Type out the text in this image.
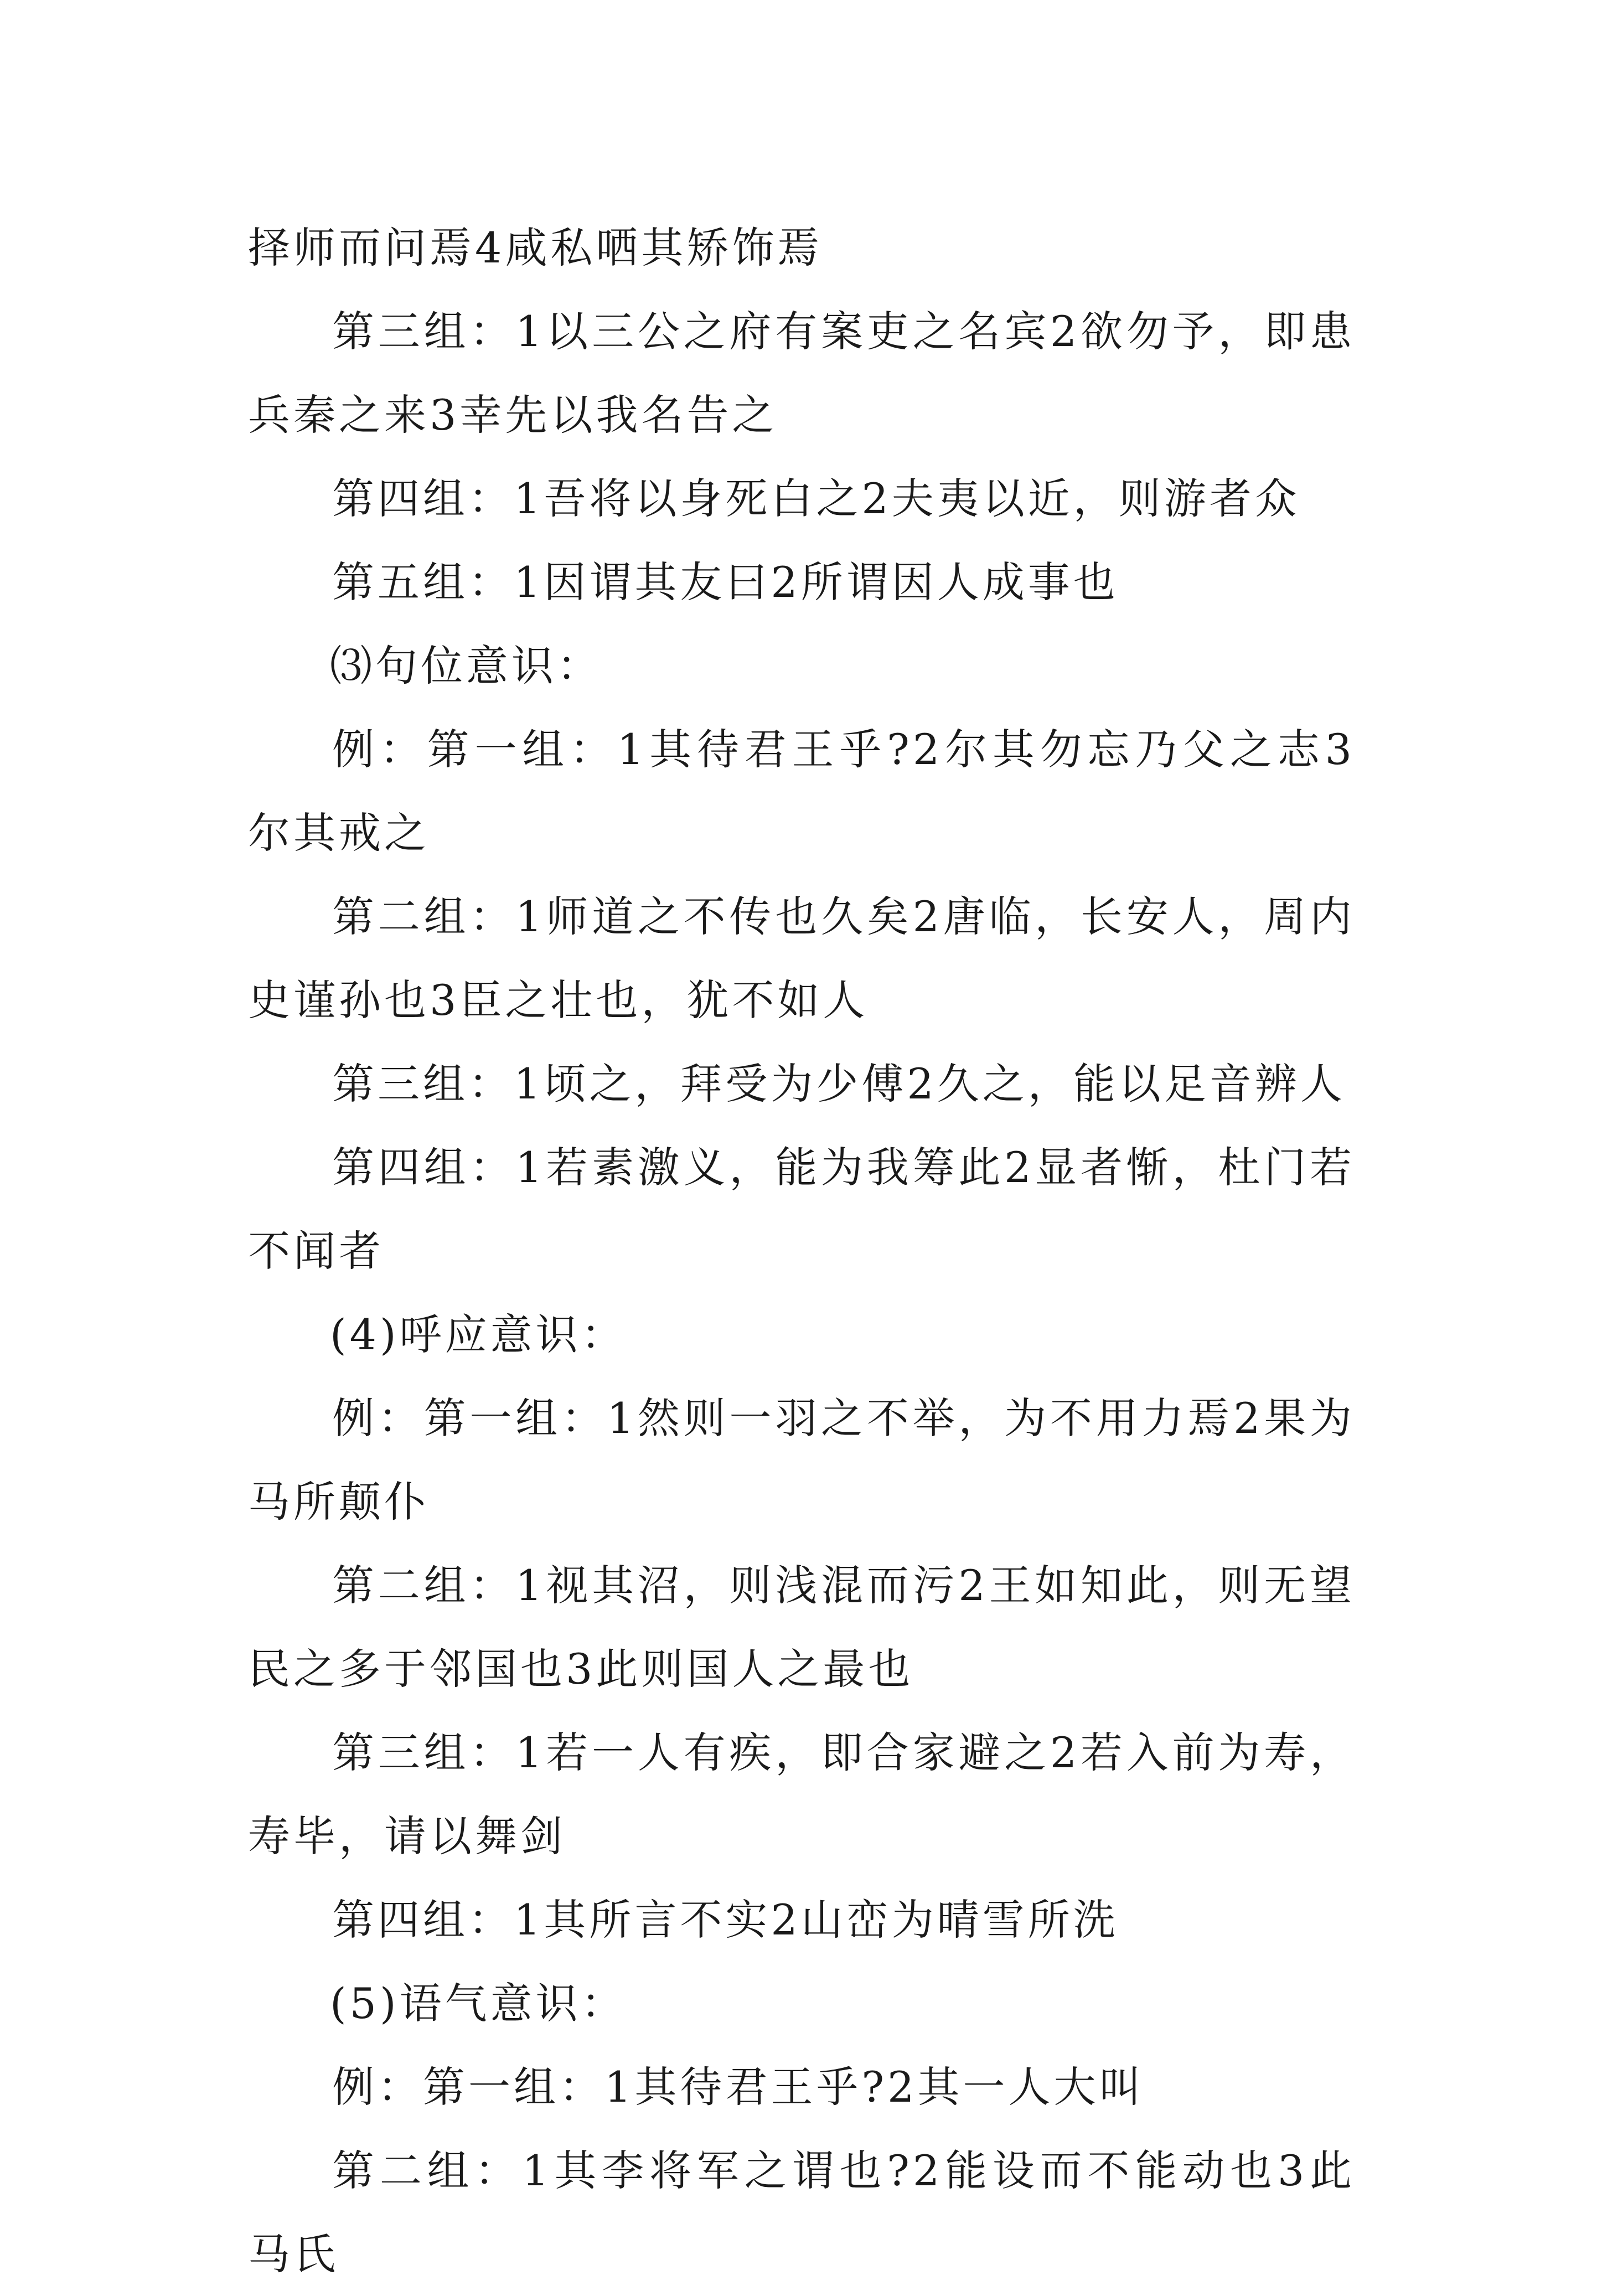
择师而问焉4咸私哂其矫饰焉

第三组：1以三公之府有案吏之名宾2欲勿予，即患兵秦之来3幸先以我名告之

第四组：1吾将以身死白之2夫夷以近，则游者众

第五组：1因谓其友曰2所谓因人成事也

⑶句位意识：

例：第一组：1其待君王乎?2尔其勿忘乃父之志3尔其戒之

第二组：1师道之不传也久矣2唐临，长安人，周内史谨孙也3臣之壮也，犹不如人

第三组：1顷之，拜受为少傅2久之，能以足音辨人

第四组：1若素激义，能为我筹此2显者惭，杜门若不闻者

(4)呼应意识：

例：第一组：1然则一羽之不举，为不用力焉2果为马所颠仆

第二组：1视其沼，则浅混而污2王如知此，则无望民之多于邻国也3此则国人之最也

第三组：1若一人有疾，即合家避之2若入前为寿，寿毕，请以舞剑

第四组：1其所言不实2山峦为晴雪所洗

(5)语气意识：

例：第一组：1其待君王乎?2其一人大叫

第二组：1其李将军之谓也?2能设而不能动也3此马氏
